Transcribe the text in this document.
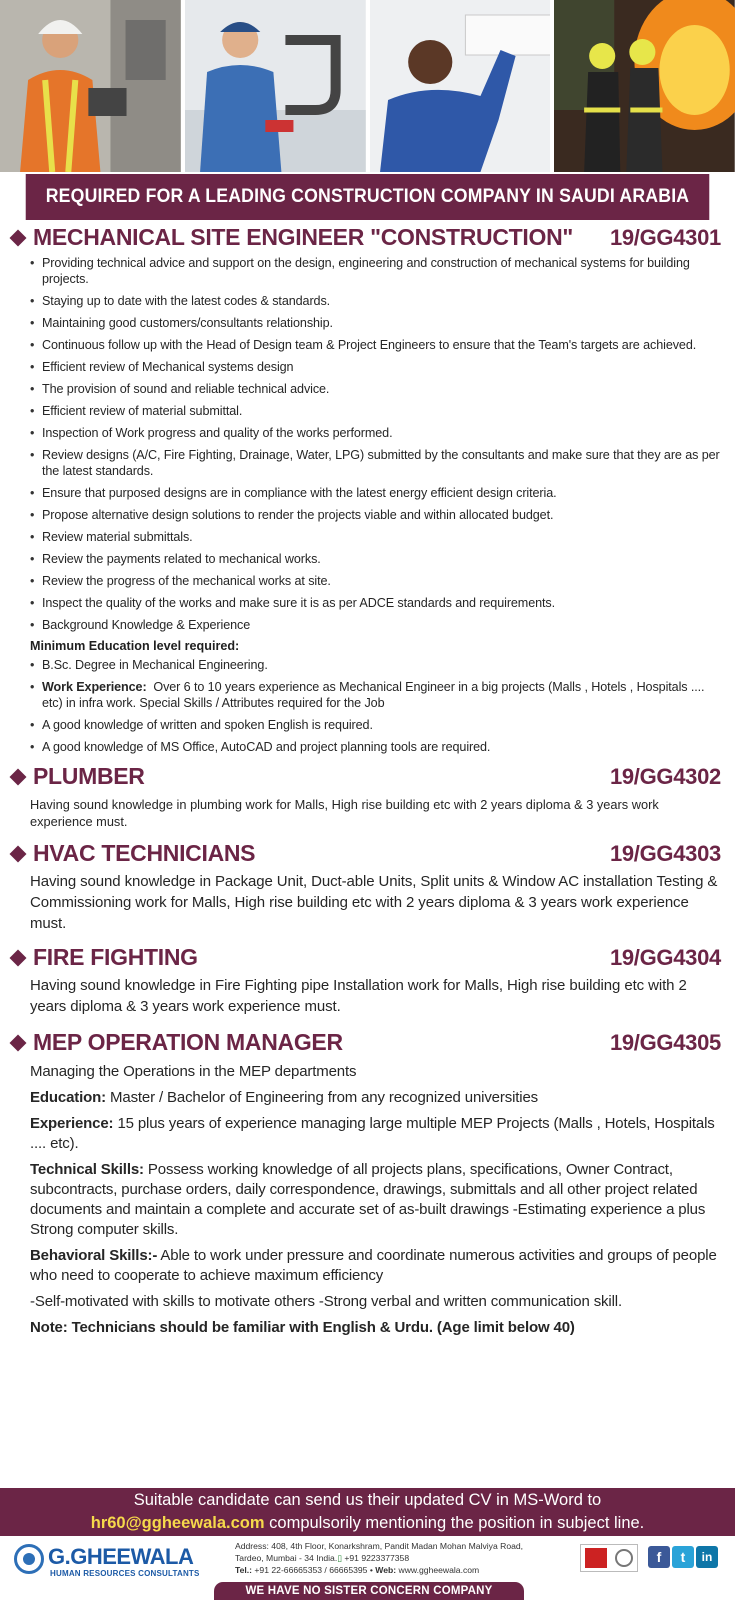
REQUIRED FOR A LEADING CONSTRUCTION COMPANY IN SAUDI ARABIA
MECHANICAL SITE ENGINEER "CONSTRUCTION" 19/GG4301
• Providing technical advice and support on the design, engineering and construction of mechanical systems for building projects.
• Staying up to date with the latest codes & standards.
• Maintaining good customers/consultants relationship.
• Continuous follow up with the Head of Design team & Project Engineers to ensure that the Team's targets are achieved.
• Efficient review of Mechanical systems design
• The provision of sound and reliable technical advice.
• Efficient review of material submittal.
• Inspection of Work progress and quality of the works performed.
• Review designs (A/C, Fire Fighting, Drainage, Water, LPG) submitted by the consultants and make sure that they are as per the latest standards.
• Ensure that purposed designs are in compliance with the latest energy efficient design criteria.
• Propose alternative design solutions to render the projects viable and within allocated budget.
• Review material submittals.
• Review the payments related to mechanical works.
• Review the progress of the mechanical works at site.
• Inspect the quality of the works and make sure it is as per ADCE standards and requirements.
• Background Knowledge & Experience
Minimum Education level required:
• B.Sc. Degree in Mechanical Engineering.
• Work Experience: Over 6 to 10 years experience as Mechanical Engineer in a big projects (Malls , Hotels , Hospitals .... etc) in infra work. Special Skills / Attributes required for the Job
• A good knowledge of written and spoken English is required.
• A good knowledge of MS Office, AutoCAD and project planning tools are required.
PLUMBER	19/GG4302
Having sound knowledge in plumbing work for Malls, High rise building etc with 2 years diploma & 3 years work experience must.
HVAC TECHNICIANS	19/GG4303
Having sound knowledge in Package Unit, Duct-able Units, Split units & Window AC installation Testing & Commissioning work for Malls, High rise building etc with 2 years diploma & 3 years work experience must.
FIRE FIGHTING	19/GG4304
Having sound knowledge in Fire Fighting pipe Installation work for Malls, High rise building etc with 2 years diploma & 3 years work experience must.
MEP OPERATION MANAGER	19/GG4305

Managing the Operations in the MEP departments

Education: Master / Bachelor of Engineering from any recognized universities

Experience: 15 plus years of experience managing large multiple MEP Projects (Malls , Hotels, Hospitals .... etc).

Technical Skills: Possess working knowledge of all projects plans, specifications, Owner Contract, subcontracts, purchase orders, daily correspondence, drawings, submittals and all other project related documents and maintain a complete and accurate set of as-built drawings -Estimating experience a plus Strong computer skills.

Behavioral Skills:- Able to work under pressure and coordinate numerous activities and groups of people who need to cooperate to achieve maximum efficiency

-Self-motivated with skills to motivate others -Strong verbal and written communication skill.

Note: Technicians should be familiar with English & Urdu. (Age limit below 40)

Suitable candidate can send us their updated CV in MS-Word to
hr60@ggheewala.com compulsorily mentioning the position in subject line.
G.GHEEWALA
HUMAN RESOURCES CONSULTANTS
Address: 408, 4th Floor, Konarkshram, Pandit Madan Mohan Malviya Road,
Tardeo, Mumbai - 34 India.▯ +91 9223377358
Tel.: +91 22-66665353 / 66665395 • Web: www.ggheewala.com
f	t	in
WE HAVE NO SISTER CONCERN COMPANY
